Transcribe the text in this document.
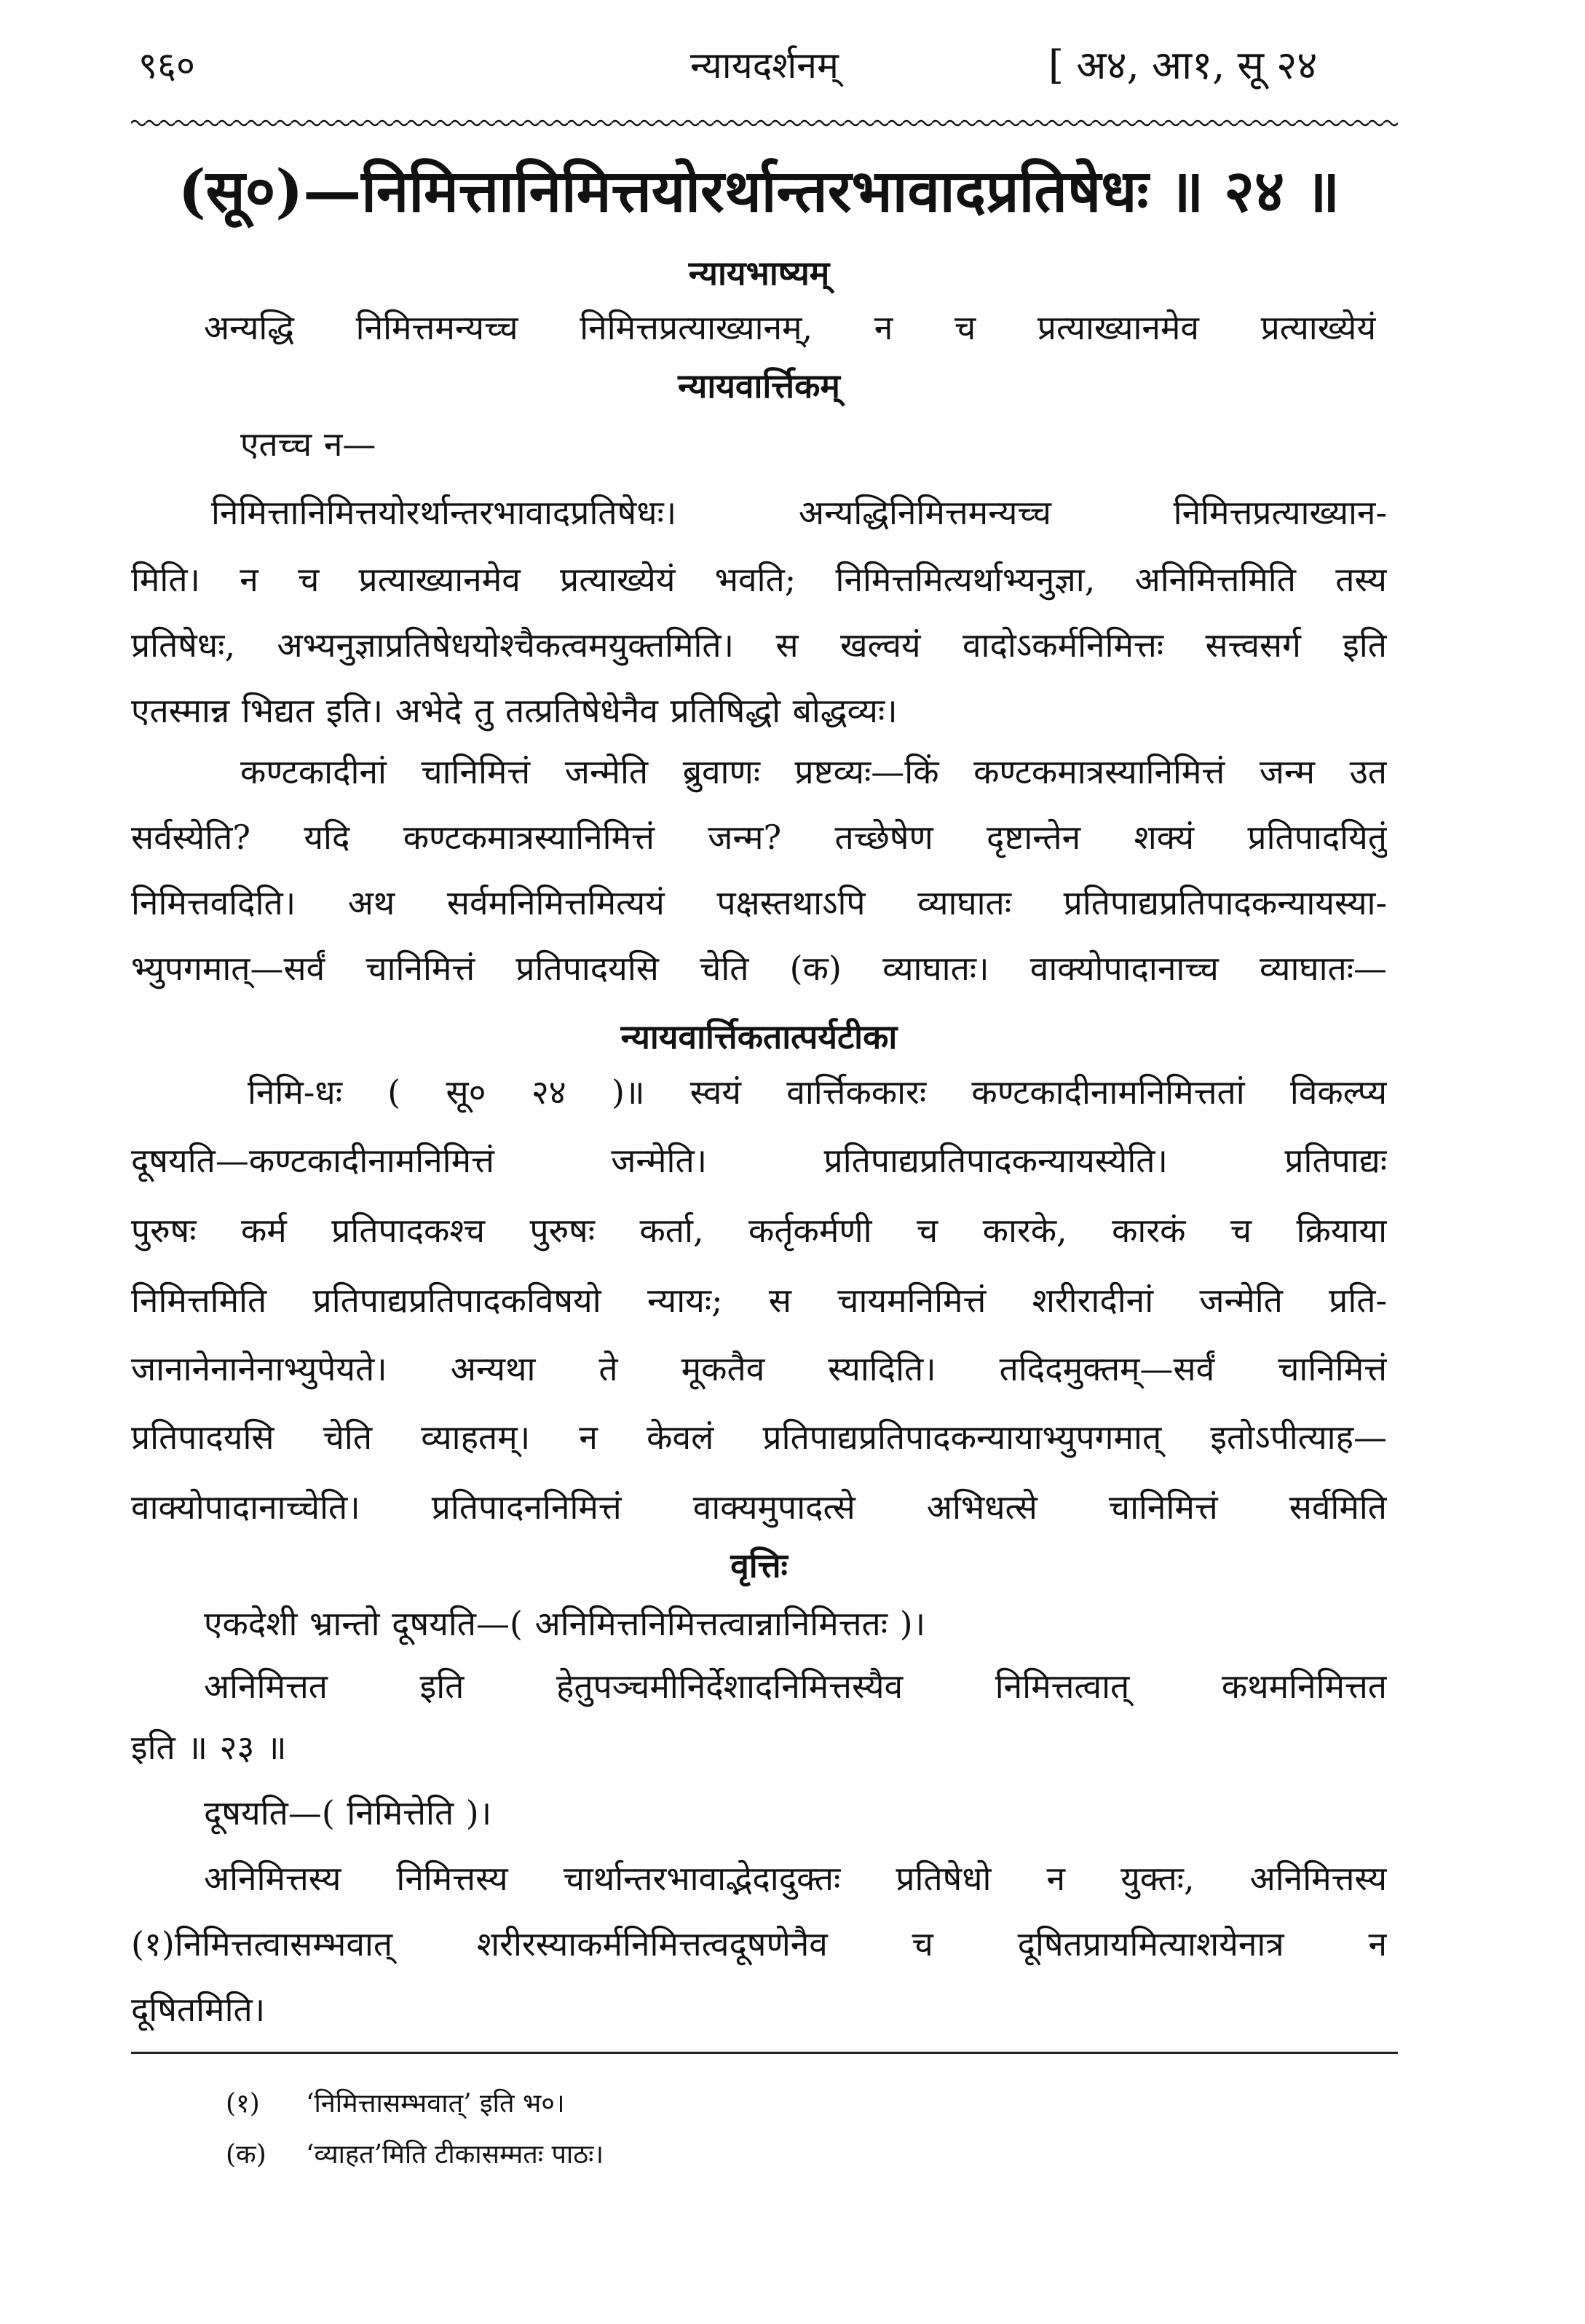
९६०	न्यायदर्शनम्	[ अ४, आ१, सू २४
(सू०)—निमित्तानिमित्तयोरर्थान्तरभावादप्रतिषेधः ॥ २४ ॥
न्यायभाष्यम्
अन्यद्धि निमित्तमन्यच्च निमित्तप्रत्याख्यानम्, न च प्रत्याख्यानमेव प्रत्याख्येयं
न्यायवार्त्तिकम्
एतच्च न—
निमित्तानिमित्तयोरर्थान्तरभावादप्रतिषेधः। अन्यद्धिनिमित्तमन्यच्च निमित्तप्रत्याख्यान-
मिति। न च प्रत्याख्यानमेव प्रत्याख्येयं भवति; निमित्तमित्यर्थाभ्यनुज्ञा, अनिमित्तमिति तस्य
प्रतिषेधः, अभ्यनुज्ञाप्रतिषेधयोश्चैकत्वमयुक्तमिति। स खल्वयं वादोऽकर्मनिमित्तः सत्त्वसर्ग इति
एतस्मान्न भिद्यत इति। अभेदे तु तत्प्रतिषेधेनैव प्रतिषिद्धो बोद्धव्यः।
कण्टकादीनां चानिमित्तं जन्मेति ब्रुवाणः प्रष्टव्यः—किं कण्टकमात्रस्यानिमित्तं जन्म उत
सर्वस्येति? यदि कण्टकमात्रस्यानिमित्तं जन्म? तच्छेषेण दृष्टान्तेन शक्यं प्रतिपादयितुं
निमित्तवदिति। अथ सर्वमनिमित्तमित्ययं पक्षस्तथाऽपि व्याघातः प्रतिपाद्यप्रतिपादकन्यायस्या-
भ्युपगमात्—सर्वं चानिमित्तं प्रतिपादयसि चेति (क) व्याघातः। वाक्योपादानाच्च व्याघातः—
न्यायवार्त्तिकतात्पर्यटीका
निमि-धः ( सू० २४ )॥ स्वयं वार्त्तिककारः कण्टकादीनामनिमित्ततां विकल्प्य
दूषयति—कण्टकादीनामनिमित्तं जन्मेति। प्रतिपाद्यप्रतिपादकन्यायस्येति। प्रतिपाद्यः
पुरुषः कर्म प्रतिपादकश्च पुरुषः कर्ता, कर्तृकर्मणी च कारके, कारकं च क्रियाया
निमित्तमिति प्रतिपाद्यप्रतिपादकविषयो न्यायः; स चायमनिमित्तं शरीरादीनां जन्मेति प्रति-
जानानेनानेनाभ्युपेयते। अन्यथा ते मूकतैव स्यादिति। तदिदमुक्तम्—सर्वं चानिमित्तं
प्रतिपादयसि चेति व्याहतम्। न केवलं प्रतिपाद्यप्रतिपादकन्यायाभ्युपगमात् इतोऽपीत्याह—
वाक्योपादानाच्चेति। प्रतिपादननिमित्तं वाक्यमुपादत्से अभिधत्से चानिमित्तं सर्वमिति
वृत्तिः
एकदेशी भ्रान्तो दूषयति—( अनिमित्तनिमित्तत्वान्नानिमित्ततः )।
अनिमित्तत इति हेतुपञ्चमीनिर्देशादनिमित्तस्यैव निमित्तत्वात् कथमनिमित्तत
इति ॥ २३ ॥
दूषयति—( निमित्तेति )।
अनिमित्तस्य निमित्तस्य चार्थान्तरभावाद्भेदादुक्तः प्रतिषेधो न युक्तः, अनिमित्तस्य
(१)निमित्तत्वासम्भवात् शरीरस्याकर्मनिमित्तत्वदूषणेनैव च दूषितप्रायमित्याशयेनात्र न
दूषितमिति।
(१)	‘निमित्तासम्भवात्’ इति भ०।
(क)	‘व्याहत’मिति टीकासम्मतः पाठः।
